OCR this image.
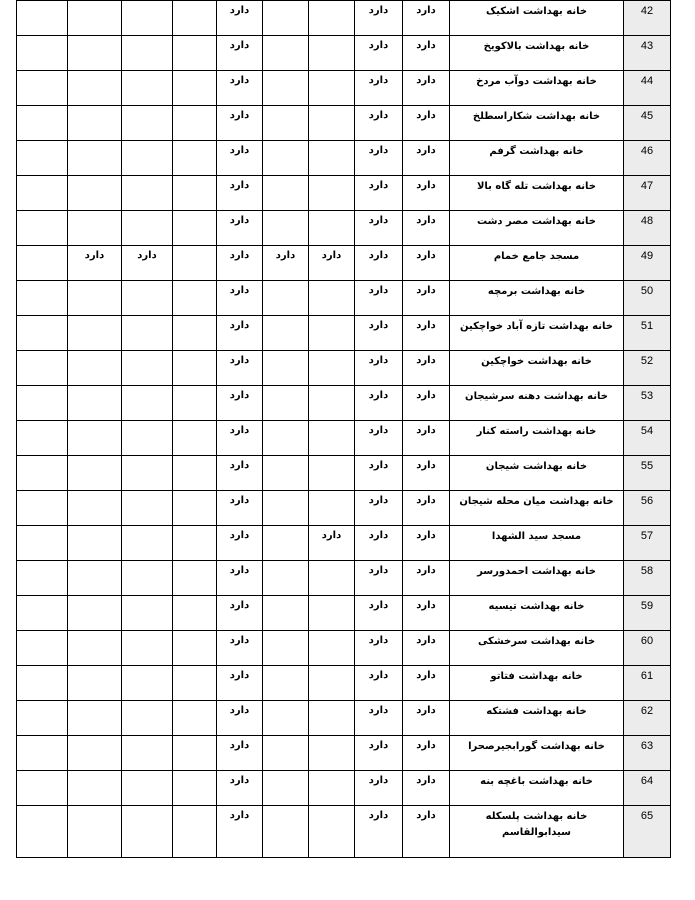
				دارد			دارد	دارد	خانه بهداشت اشکیک	42
				دارد			دارد	دارد	خانه بهداشت بالاکویخ	43
				دارد			دارد	دارد	خانه بهداشت دوآب مردخ	44
				دارد			دارد	دارد	خانه بهداشت شکاراسطلخ	45
				دارد			دارد	دارد	خانه بهداشت گرفم	46
				دارد			دارد	دارد	خانه بهداشت تله گاه بالا	47
				دارد			دارد	دارد	خانه بهداشت مصر دشت	48
	دارد	دارد		دارد	دارد	دارد	دارد	دارد	مسجد جامع خمام	49
				دارد			دارد	دارد	خانه بهداشت برمچه	50
				دارد			دارد	دارد	خانه بهداشت تازه آباد خواچکین	51
				دارد			دارد	دارد	خانه بهداشت خواچکین	52
				دارد			دارد	دارد	خانه بهداشت دهنه سرشیجان	53
				دارد			دارد	دارد	خانه بهداشت راسته کنار	54
				دارد			دارد	دارد	خانه بهداشت شیجان	55
				دارد			دارد	دارد	خانه بهداشت میان محله شیجان	56
				دارد		دارد	دارد	دارد	مسجد سید الشهدا	57
				دارد			دارد	دارد	خانه بهداشت احمدورسر	58
				دارد			دارد	دارد	خانه بهداشت تیسیه	59
				دارد			دارد	دارد	خانه بهداشت سرخشکی	60
				دارد			دارد	دارد	خانه بهداشت فتاتو	61
				دارد			دارد	دارد	خانه بهداشت فشتکه	62
				دارد			دارد	دارد	خانه بهداشت گورابجیرصحرا	63
				دارد			دارد	دارد	خانه بهداشت باغچه بنه	64
				دارد			دارد	دارد	خانه بهداشت پلسکله سیدابوالقاسم	65
